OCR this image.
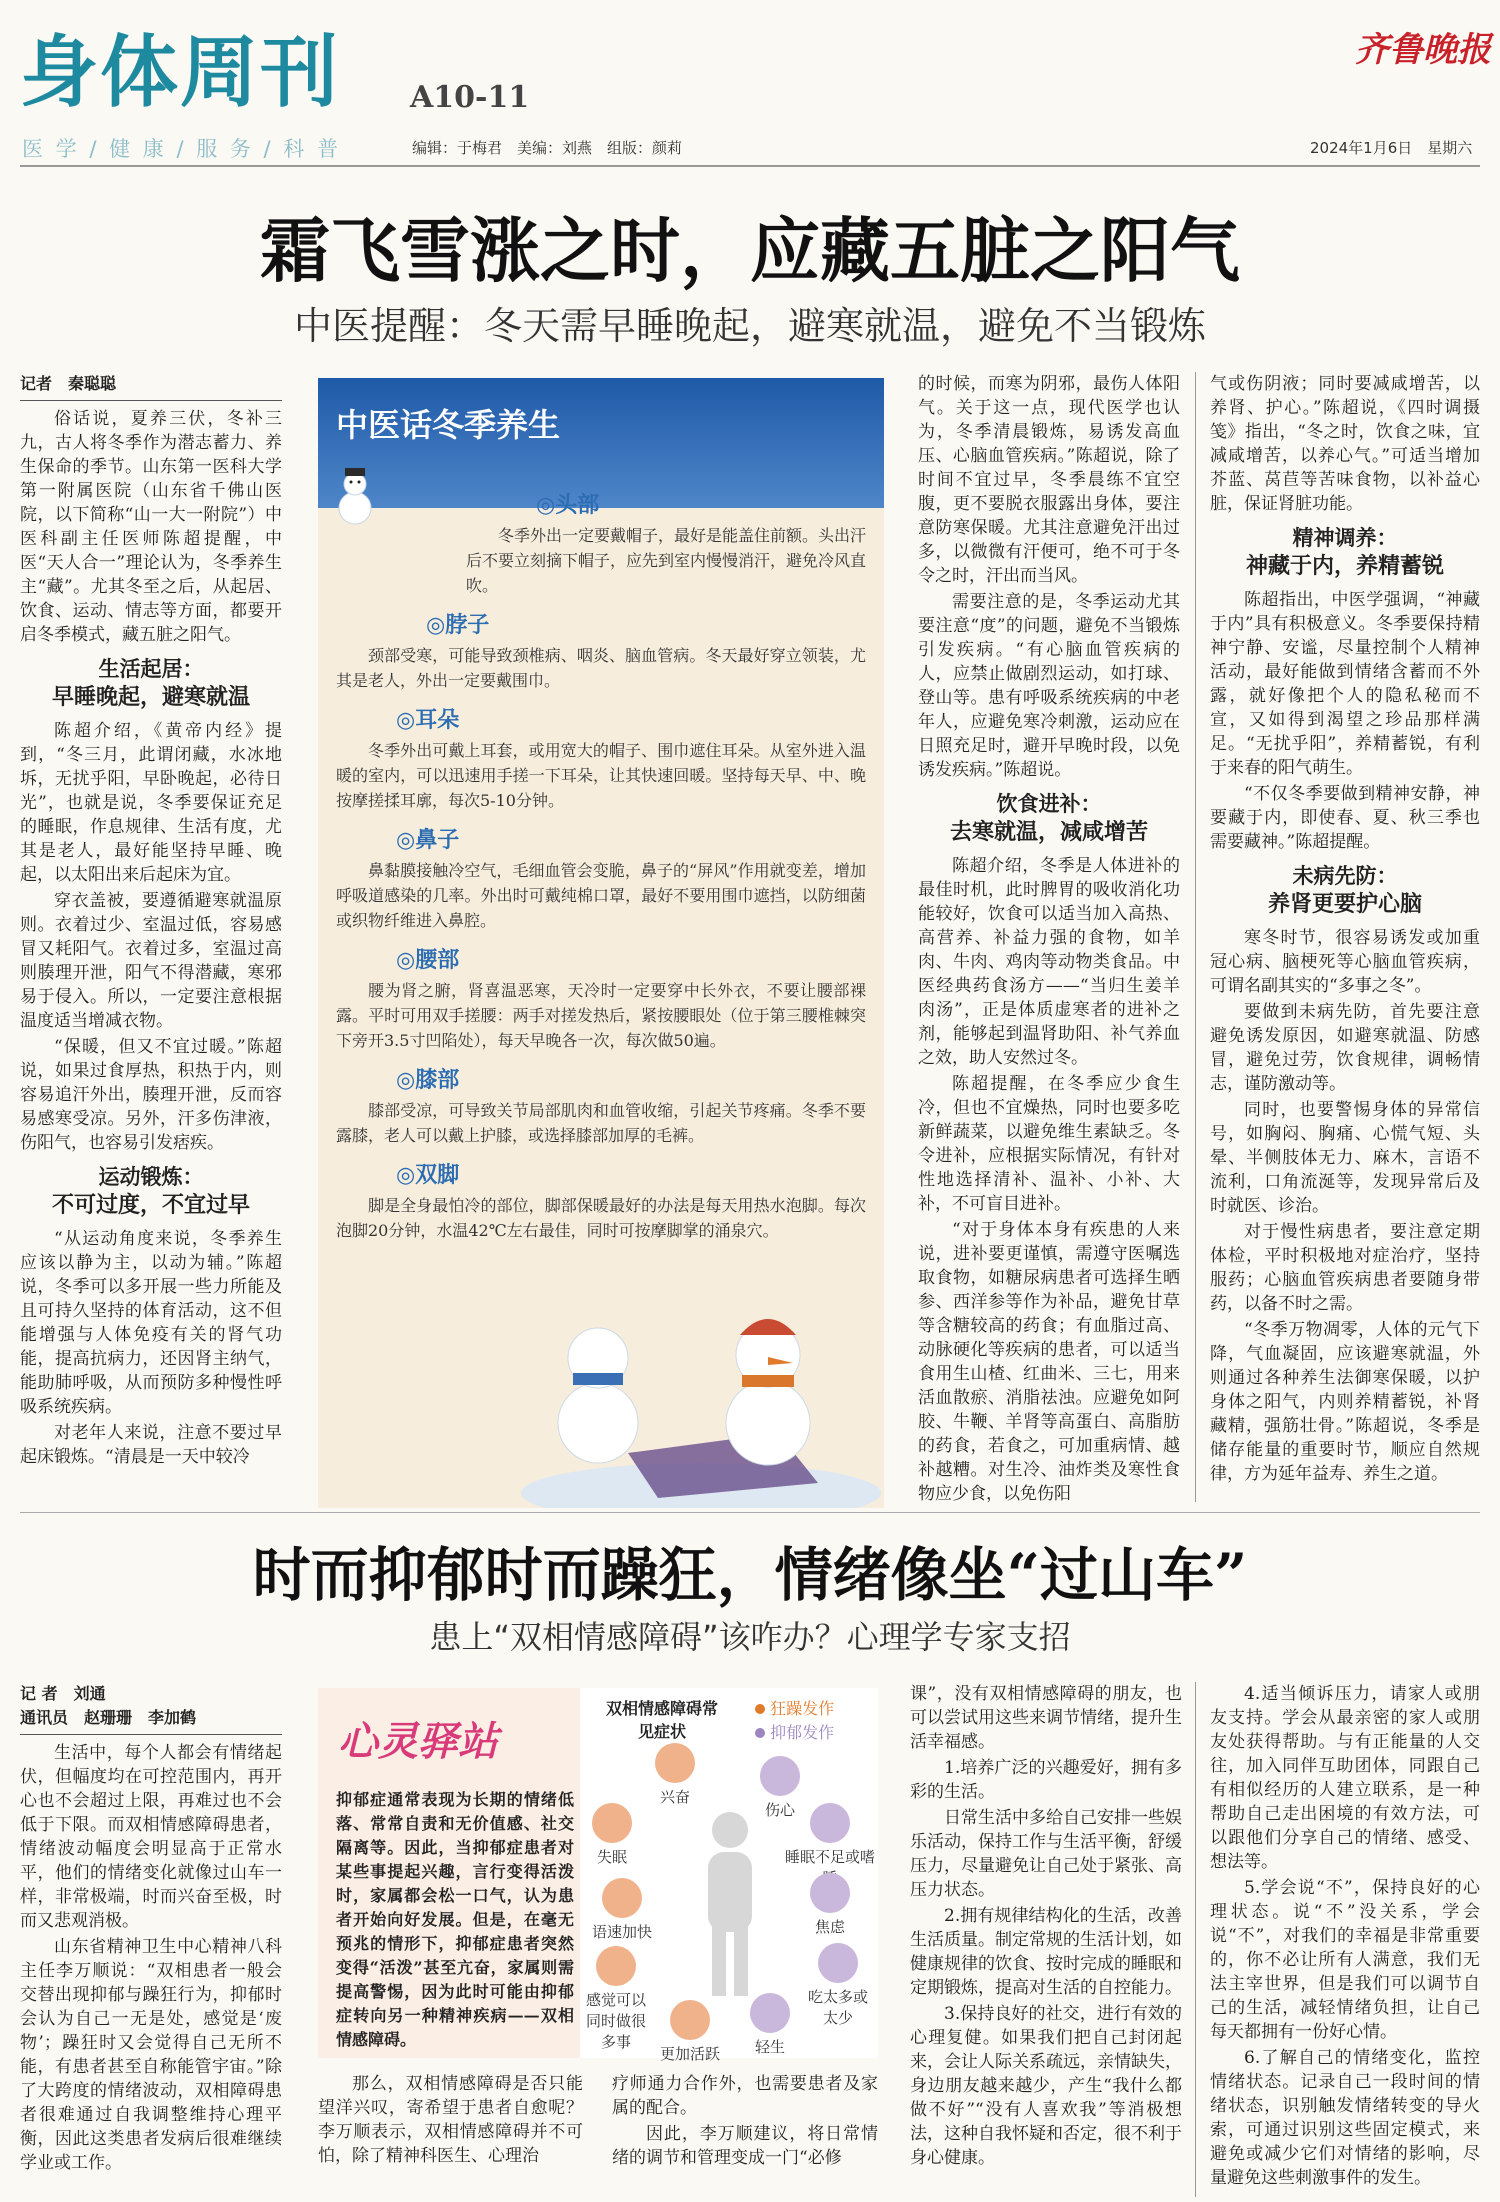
身体周刊 A10-11
医 学 / 健 康 / 服 务 / 科 普	编辑：于梅君　美编：刘燕　组版：颜莉	2024年1月6日　星期六
齐鲁晚报
霜飞雪涨之时，应藏五脏之阳气
中医提醒：冬天需早睡晚起，避寒就温，避免不当锻炼
记者　秦聪聪

俗话说，夏养三伏，冬补三九，古人将冬季作为潜志蓄力、养生保命的季节。山东第一医科大学第一附属医院（山东省千佛山医院，以下简称“山一大一附院”）中医科副主任医师陈超提醒，中医“天人合一”理论认为，冬季养生主“藏”。尤其冬至之后，从起居、饮食、运动、情志等方面，都要开启冬季模式，藏五脏之阳气。

生活起居：
早睡晚起，避寒就温

陈超介绍，《黄帝内经》提到，“冬三月，此谓闭藏，水冰地坼，无扰乎阳，早卧晚起，必待日光”，也就是说，冬季要保证充足的睡眠，作息规律、生活有度，尤其是老人，最好能坚持早睡、晚起，以太阳出来后起床为宜。

穿衣盖被，要遵循避寒就温原则。衣着过少、室温过低，容易感冒又耗阳气。衣着过多，室温过高则腠理开泄，阳气不得潜藏，寒邪易于侵入。所以，一定要注意根据温度适当增减衣物。

“保暖，但又不宜过暖。”陈超说，如果过食厚热，积热于内，则容易追汗外出，腠理开泄，反而容易感寒受凉。另外，汗多伤津液，伤阳气，也容易引发痞疾。

运动锻炼：
不可过度，不宜过早

“从运动角度来说，冬季养生应该以静为主，以动为辅。”陈超说，冬季可以多开展一些力所能及且可持久坚持的体育活动，这不但能增强与人体免疫有关的肾气功能，提高抗病力，还因肾主纳气，能助肺呼吸，从而预防多种慢性呼吸系统疾病。

对老年人来说，注意不要过早起床锻炼。“清晨是一天中较冷

中医话冬季养生
◎头部
冬季外出一定要戴帽子，最好是能盖住前额。头出汗后不要立刻摘下帽子，应先到室内慢慢消汗，避免冷风直吹。
◎脖子
颈部受寒，可能导致颈椎病、咽炎、脑血管病。冬天最好穿立领装，尤其是老人，外出一定要戴围巾。
◎耳朵
冬季外出可戴上耳套，或用宽大的帽子、围巾遮住耳朵。从室外进入温暖的室内，可以迅速用手搓一下耳朵，让其快速回暖。坚持每天早、中、晚按摩搓揉耳廓，每次5-10分钟。
◎鼻子
鼻黏膜接触冷空气，毛细血管会变脆，鼻子的“屏风”作用就变差，增加呼吸道感染的几率。外出时可戴纯棉口罩，最好不要用围巾遮挡，以防细菌或织物纤维进入鼻腔。
◎腰部
腰为肾之腑，肾喜温恶寒，天冷时一定要穿中长外衣，不要让腰部裸露。平时可用双手搓腰：两手对搓发热后，紧按腰眼处（位于第三腰椎棘突下旁开3.5寸凹陷处），每天早晚各一次，每次做50遍。
◎膝部
膝部受凉，可导致关节局部肌肉和血管收缩，引起关节疼痛。冬季不要露膝，老人可以戴上护膝，或选择膝部加厚的毛裤。
◎双脚
脚是全身最怕冷的部位，脚部保暖最好的办法是每天用热水泡脚。每次泡脚20分钟，水温42℃左右最佳，同时可按摩脚掌的涌泉穴。

的时候，而寒为阴邪，最伤人体阳气。关于这一点，现代医学也认为，冬季清晨锻炼，易诱发高血压、心脑血管疾病。”陈超说，除了时间不宜过早，冬季晨练不宜空腹，更不要脱衣服露出身体，要注意防寒保暖。尤其注意避免汗出过多，以微微有汗便可，绝不可于冬令之时，汗出而当风。

需要注意的是，冬季运动尤其要注意“度”的问题，避免不当锻炼引发疾病。“有心脑血管疾病的人，应禁止做剧烈运动，如打球、登山等。患有呼吸系统疾病的中老年人，应避免寒冷刺激，运动应在日照充足时，避开早晚时段，以免诱发疾病。”陈超说。

饮食进补：
去寒就温，减咸增苦

陈超介绍，冬季是人体进补的最佳时机，此时脾胃的吸收消化功能较好，饮食可以适当加入高热、高营养、补益力强的食物，如羊肉、牛肉、鸡肉等动物类食品。中医经典药食汤方——“当归生姜羊肉汤”，正是体质虚寒者的进补之剂，能够起到温肾助阳、补气养血之效，助人安然过冬。

陈超提醒，在冬季应少食生冷，但也不宜燥热，同时也要多吃新鲜蔬菜，以避免维生素缺乏。冬令进补，应根据实际情况，有针对性地选择清补、温补、小补、大补，不可盲目进补。

“对于身体本身有疾患的人来说，进补要更谨慎，需遵守医嘱选取食物，如糖尿病患者可选择生晒参、西洋参等作为补品，避免甘草等含糖较高的药食；有血脂过高、动脉硬化等疾病的患者，可以适当食用生山楂、红曲米、三七，用来活血散瘀、消脂祛浊。应避免如阿胶、牛鞭、羊肾等高蛋白、高脂肪的药食，若食之，可加重病情、越补越糟。对生冷、油炸类及寒性食物应少食，以免伤阳

气或伤阴液；同时要减咸增苦，以养肾、护心。”陈超说，《四时调摄笺》指出，“冬之时，饮食之味，宜减咸增苦，以养心气。”可适当增加芥蓝、莴苣等苦味食物，以补益心脏，保证肾脏功能。

精神调养：
神藏于内，养精蓄锐

陈超指出，中医学强调，“神藏于内”具有积极意义。冬季要保持精神宁静、安谧，尽量控制个人精神活动，最好能做到情绪含蓄而不外露，就好像把个人的隐私秘而不宣，又如得到渴望之珍品那样满足。“无扰乎阳”，养精蓄锐，有利于来春的阳气萌生。

“不仅冬季要做到精神安静，神要藏于内，即使春、夏、秋三季也需要藏神。”陈超提醒。

未病先防：
养肾更要护心脑

寒冬时节，很容易诱发或加重冠心病、脑梗死等心脑血管疾病，可谓名副其实的“多事之冬”。

要做到未病先防，首先要注意避免诱发原因，如避寒就温、防感冒，避免过劳，饮食规律，调畅情志，谨防激动等。

同时，也要警惕身体的异常信号，如胸闷、胸痛、心慌气短、头晕、半侧肢体无力、麻木，言语不流利，口角流涎等，发现异常后及时就医、诊治。

对于慢性病患者，要注意定期体检，平时积极地对症治疗，坚持服药；心脑血管疾病患者要随身带药，以备不时之需。

“冬季万物凋零，人体的元气下降，气血凝固，应该避寒就温，外则通过各种养生法御寒保暖，以护身体之阳气，内则养精蓄锐，补肾藏精，强筋壮骨。”陈超说，冬季是储存能量的重要时节，顺应自然规律，方为延年益寿、养生之道。

时而抑郁时而躁狂，情绪像坐“过山车”
患上“双相情感障碍”该咋办？心理学专家支招
记 者　刘通
通讯员　赵珊珊　李加鹤

生活中，每个人都会有情绪起伏，但幅度均在可控范围内，再开心也不会超过上限，再难过也不会低于下限。而双相情感障碍患者，情绪波动幅度会明显高于正常水平，他们的情绪变化就像过山车一样，非常极端，时而兴奋至极，时而又悲观消极。

山东省精神卫生中心精神八科主任李万顺说：“双相患者一般会交替出现抑郁与躁狂行为，抑郁时会认为自己一无是处，感觉是‘废物’；躁狂时又会觉得自己无所不能，有患者甚至自称能管宇宙。”除了大跨度的情绪波动，双相障碍患者很难通过自我调整维持心理平衡，因此这类患者发病后很难继续学业或工作。

心灵驿站
抑郁症通常表现为长期的情绪低落、常常自责和无价值感、社交隔离等。因此，当抑郁症患者对某些事提起兴趣，言行变得活泼时，家属都会松一口气，认为患者开始向好发展。但是，在毫无预兆的情形下，抑郁症患者突然变得“活泼”甚至亢奋，家属则需提高警惕，因为此时可能由抑郁症转向另一种精神疾病——双相情感障碍。
双相情感障碍常见症状
狂躁发作
抑郁发作
兴奋
伤心
失眠	睡眠不足或嗜
焦虑
语速加快
感觉可以同时做很多事
吃太多或太少
更加活跃 轻生

那么，双相情感障碍是否只能望洋兴叹，寄希望于患者自愈呢？李万顺表示，双相情感障碍并不可怕，除了精神科医生、心理治

疗师通力合作外，也需要患者及家属的配合。

因此，李万顺建议，将日常情绪的调节和管理变成一门“必修

课”，没有双相情感障碍的朋友，也可以尝试用这些来调节情绪，提升生活幸福感。

1.培养广泛的兴趣爱好，拥有多彩的生活。

日常生活中多给自己安排一些娱乐活动，保持工作与生活平衡，舒缓压力，尽量避免让自己处于紧张、高压力状态。

2.拥有规律结构化的生活，改善生活质量。制定常规的生活计划，如健康规律的饮食、按时完成的睡眠和定期锻炼，提高对生活的自控能力。

3.保持良好的社交，进行有效的心理复健。如果我们把自己封闭起来，会让人际关系疏远，亲情缺失，身边朋友越来越少，产生“我什么都做不好”“没有人喜欢我”等消极想法，这种自我怀疑和否定，很不利于身心健康。

4.适当倾诉压力，请家人或朋友支持。学会从最亲密的家人或朋友处获得帮助。与有正能量的人交往，加入同伴互助团体，同跟自己有相似经历的人建立联系，是一种帮助自己走出困境的有效方法，可以跟他们分享自己的情绪、感受、想法等。

5.学会说“不”，保持良好的心理状态。说“不”没关系，学会说“不”，对我们的幸福是非常重要的，你不必让所有人满意，我们无法主宰世界，但是我们可以调节自己的生活，减轻情绪负担，让自己每天都拥有一份好心情。

6.了解自己的情绪变化，监控情绪状态。记录自己一段时间的情绪状态，识别触发情绪转变的导火索，可通过识别这些固定模式，来避免或减少它们对情绪的影响，尽量避免这些刺激事件的发生。
